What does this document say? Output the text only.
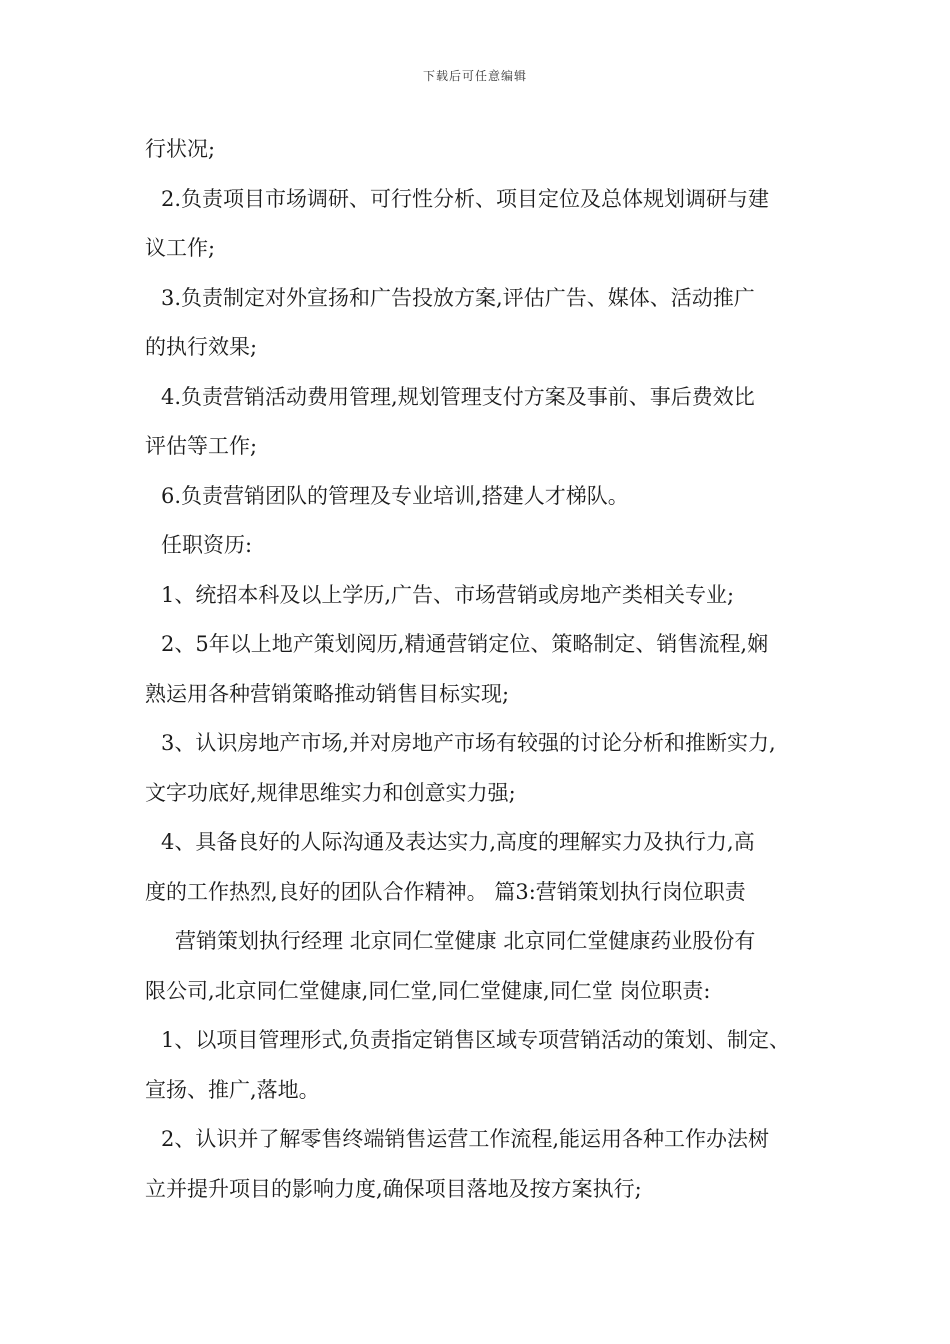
下载后可任意编辑
行状况;
2.负责项目市场调研、可行性分析、项目定位及总体规划调研与建
议工作;
3.负责制定对外宣扬和广告投放方案,评估广告、媒体、活动推广
的执行效果;
4.负责营销活动费用管理,规划管理支付方案及事前、事后费效比
评估等工作;
6.负责营销团队的管理及专业培训,搭建人才梯队。
任职资历:
1、统招本科及以上学历,广告、市场营销或房地产类相关专业;
2、5年以上地产策划阅历,精通营销定位、策略制定、销售流程,娴
熟运用各种营销策略推动销售目标实现;
3、认识房地产市场,并对房地产市场有较强的讨论分析和推断实力,
文字功底好,规律思维实力和创意实力强;
4、具备良好的人际沟通及表达实力,高度的理解实力及执行力,高
度的工作热烈,良好的团队合作精神。 篇3:营销策划执行岗位职责
营销策划执行经理 北京同仁堂健康 北京同仁堂健康药业股份有
限公司,北京同仁堂健康,同仁堂,同仁堂健康,同仁堂 岗位职责:
1、以项目管理形式,负责指定销售区域专项营销活动的策划、制定、
宣扬、推广,落地。
2、认识并了解零售终端销售运营工作流程,能运用各种工作办法树
立并提升项目的影响力度,确保项目落地及按方案执行;
